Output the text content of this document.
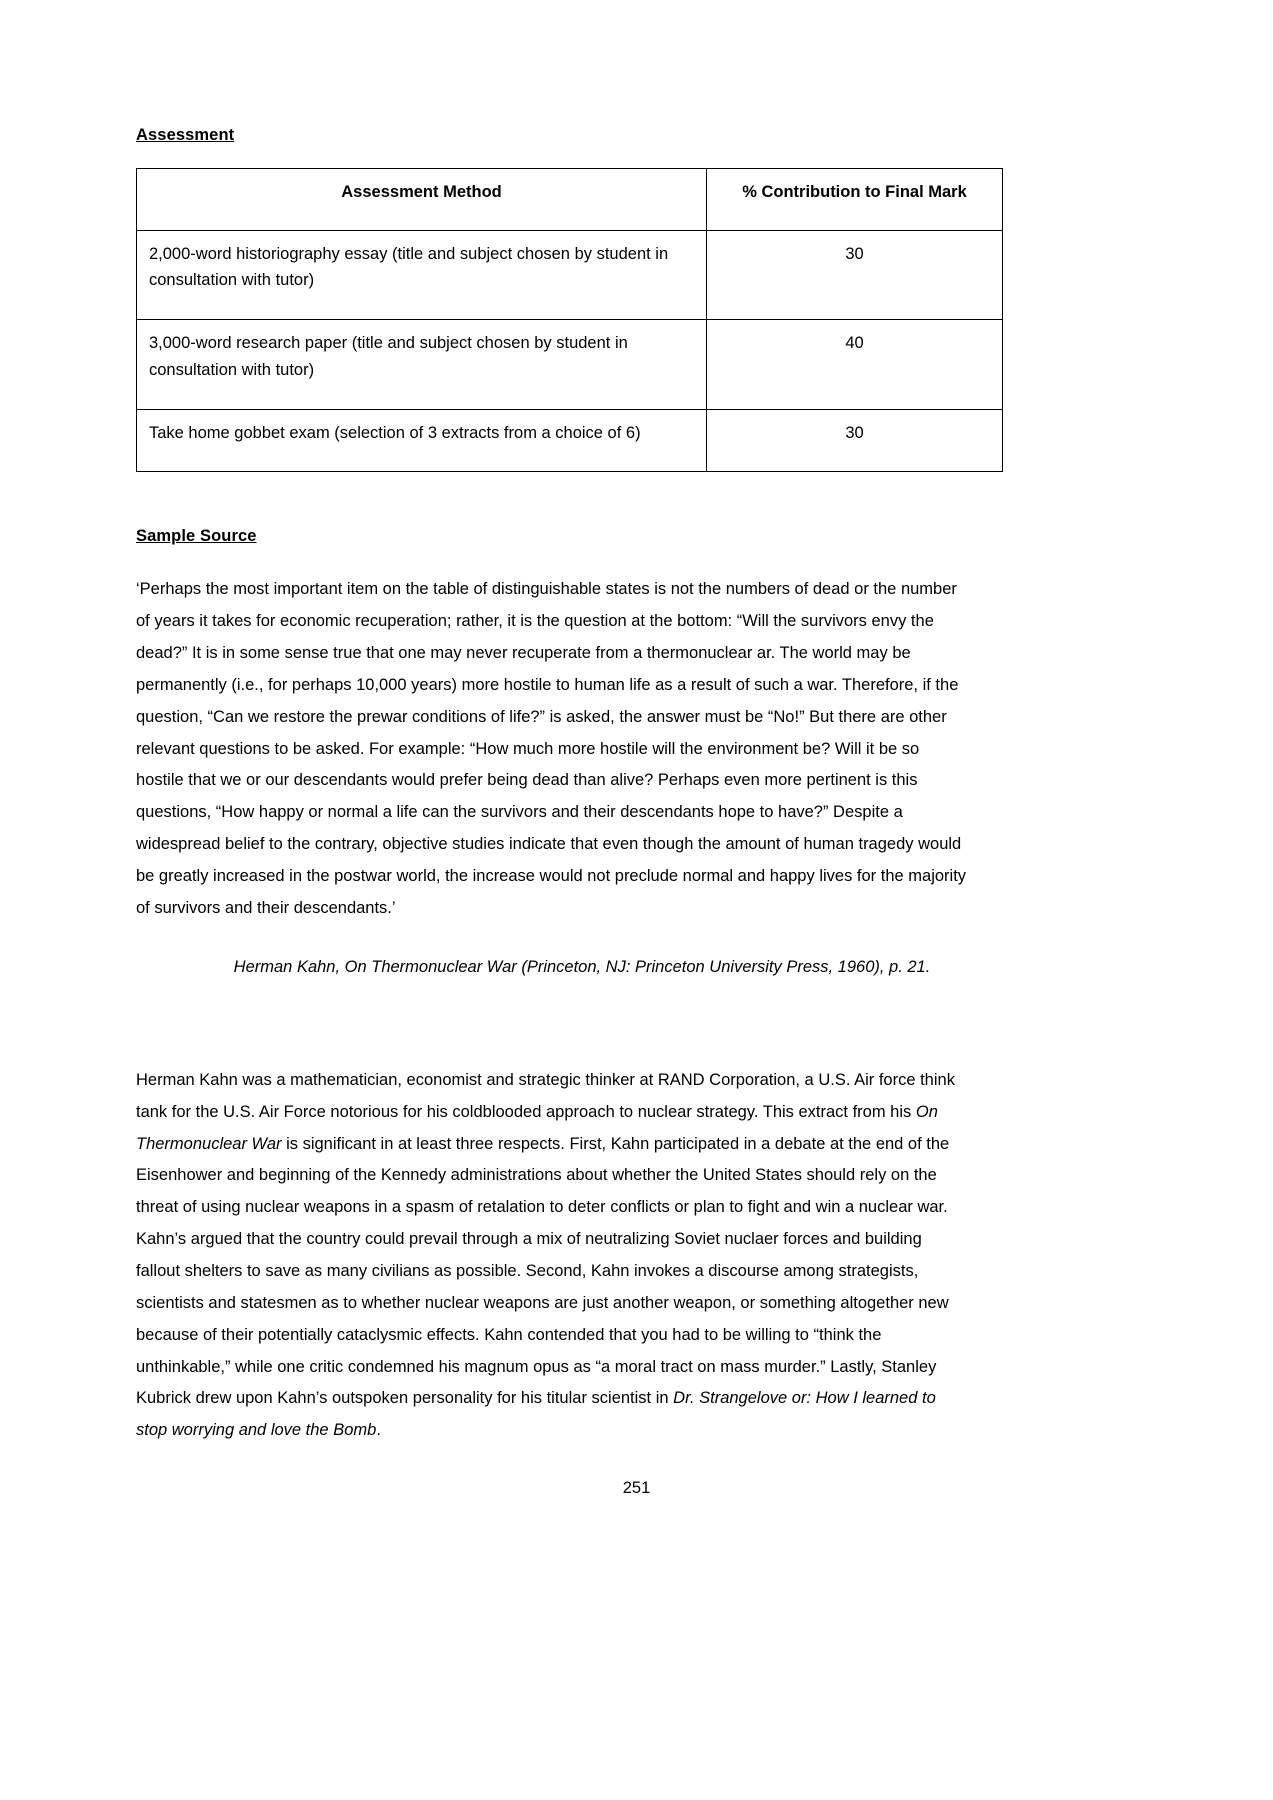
Assessment
Assessment Method	% Contribution to Final Mark
2,000-word historiography essay (title and subject chosen by student in consultation with tutor)	30
3,000-word research paper (title and subject chosen by student in consultation with tutor)	40
Take home gobbet exam (selection of 3 extracts from a choice of 6)	30
Sample Source

‘Perhaps the most important item on the table of distinguishable states is not the numbers of dead or the number of years it takes for economic recuperation; rather, it is the question at the bottom: “Will the survivors envy the dead?” It is in some sense true that one may never recuperate from a thermonuclear ar. The world may be permanently (i.e., for perhaps 10,000 years) more hostile to human life as a result of such a war. Therefore, if the question, “Can we restore the prewar conditions of life?” is asked, the answer must be “No!” But there are other relevant questions to be asked. For example: “How much more hostile will the environment be? Will it be so hostile that we or our descendants would prefer being dead than alive? Perhaps even more pertinent is this questions, “How happy or normal a life can the survivors and their descendants hope to have?” Despite a widespread belief to the contrary, objective studies indicate that even though the amount of human tragedy would be greatly increased in the postwar world, the increase would not preclude normal and happy lives for the majority of survivors and their descendants.’

Herman Kahn, On Thermonuclear War (Princeton, NJ: Princeton University Press, 1960), p. 21.

Herman Kahn was a mathematician, economist and strategic thinker at RAND Corporation, a U.S. Air force think tank for the U.S. Air Force notorious for his coldblooded approach to nuclear strategy. This extract from his On Thermonuclear War is significant in at least three respects. First, Kahn participated in a debate at the end of the Eisenhower and beginning of the Kennedy administrations about whether the United States should rely on the threat of using nuclear weapons in a spasm of retalation to deter conflicts or plan to fight and win a nuclear war. Kahn’s argued that the country could prevail through a mix of neutralizing Soviet nuclaer forces and building fallout shelters to save as many civilians as possible. Second, Kahn invokes a discourse among strategists, scientists and statesmen as to whether nuclear weapons are just another weapon, or something altogether new because of their potentially cataclysmic effects. Kahn contended that you had to be willing to “think the unthinkable,” while one critic condemned his magnum opus as “a moral tract on mass murder.” Lastly, Stanley Kubrick drew upon Kahn’s outspoken personality for his titular scientist in Dr. Strangelove or: How I learned to stop worrying and love the Bomb.

251
